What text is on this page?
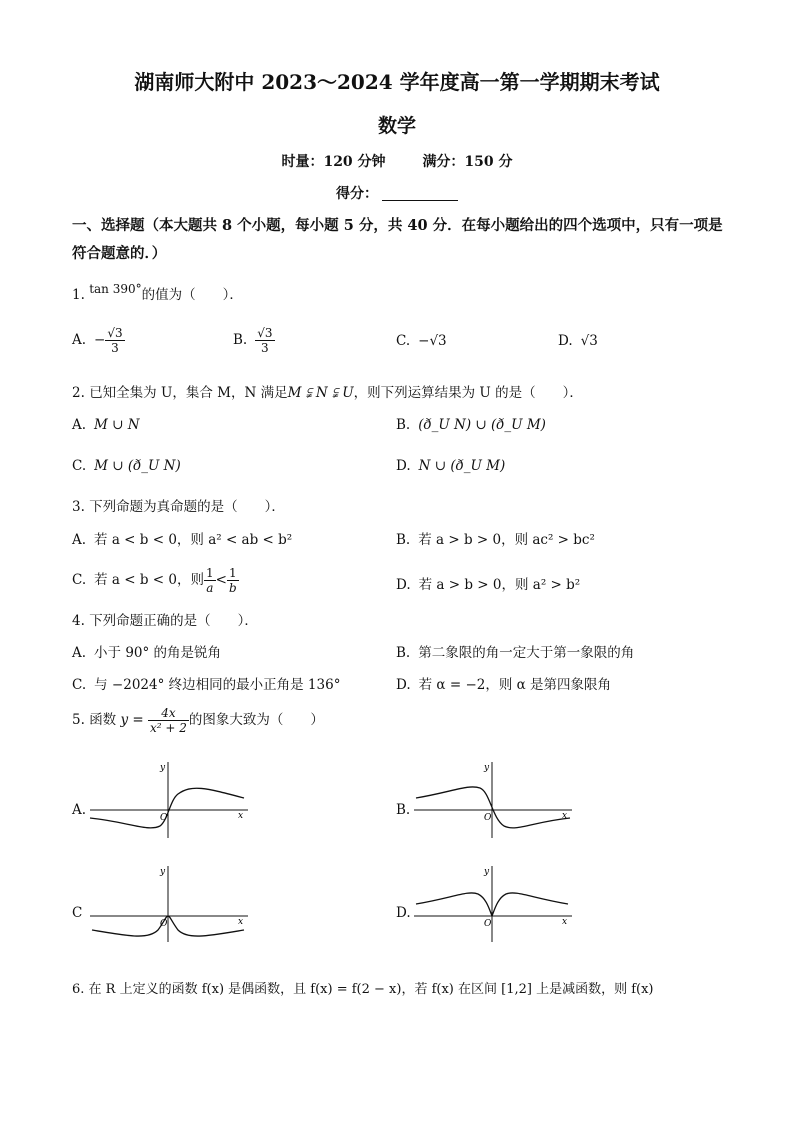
湖南师大附中 2023～2024 学年度高一第一学期期末考试
数学
时量：120 分钟	满分：150 分
得分：
一、选择题（本大题共 8 个小题，每小题 5 分，共 40 分．在每小题给出的四个选项中，只有一项是符合题意的．）
1. tan 390°的值为（　　）．
A. − $\frac{√3}{3}$	B. $\frac{√3}{3}$	C. −√3	D. √3
2. 已知全集为 U，集合 M，N 满足M ⫋ N ⫋ U，则下列运算结果为 U 的是（　　）．
A. M ∪ N	B. (ð_U N) ∪ (ð_U M)
C. M ∪ (ð_U N)	D. N ∪ (ð_U M)
3. 下列命题为真命题的是（　　）．
A. 若 a < b < 0，则 a² < ab < b²	B. 若 a > b > 0，则 ac² > bc²
C. 若 a < b < 0，则 $\frac{1}{a} < \frac{1}{b}$	D. 若 a > b > 0，则 a² > b²
4. 下列命题正确的是（　　）．
A. 小于 90° 的角是锐角	B. 第二象限的角一定大于第一象限的角
C. 与 −2024° 终边相同的最小正角是 136°	D. 若 α = −2，则 α 是第四象限角
5. 函数 $y = \frac{4x}{\text{x² + 2}}$ 的图象大致为（　　）
A.
y
x
O	B.
y
x
O
C
y
x
O
D.
y
x
O
6. 在 R 上定义的函数 f(x) 是偶函数，且 f(x) = f(2 − x)，若 f(x) 在区间 [1,2] 上是减函数，则 f(x)
